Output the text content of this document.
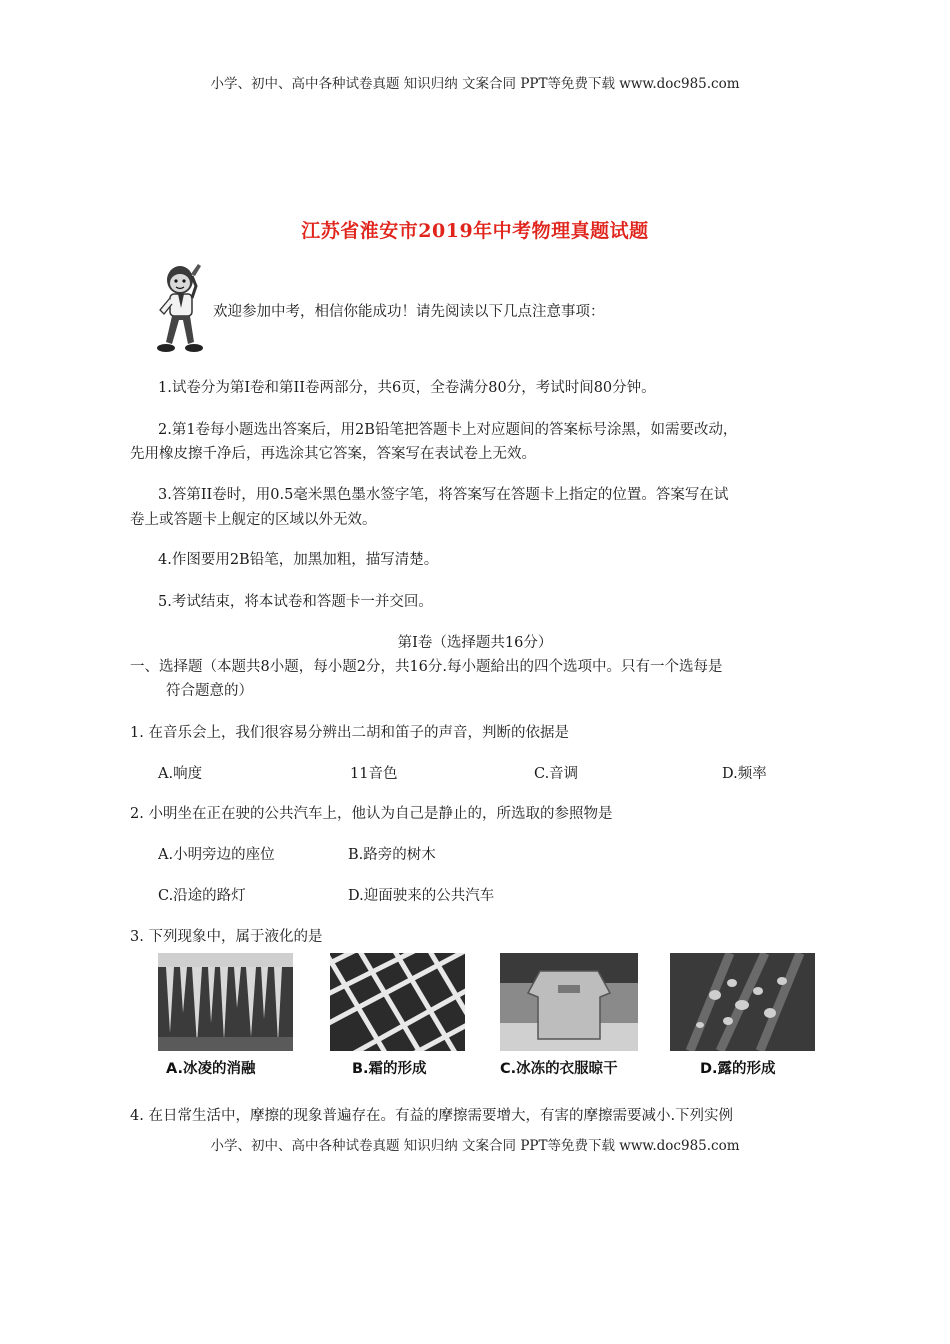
小学、初中、高中各种试卷真题 知识归纳 文案合同 PPT等免费下载 www.doc985.com
江苏省淮安市2019年中考物理真题试题
欢迎参加中考，相信你能成功！请先阅读以下几点注意事项：
1.试卷分为第I卷和第II卷两部分，共6页，全卷满分80分，考试时间80分钟。
2.第1卷每小题选出答案后，用2B铅笔把答题卡上对应题间的答案标号涂黑，如需要改动，
先用橡皮擦千净后，再选涂其它答案，答案写在表试卷上无效。
3.答第II卷时，用0.5毫米黑色墨水签字笔，将答案写在答题卡上指定的位置。答案写在试
卷上或答题卡上舰定的区域以外无效。
4.作图要用2B铅笔，加黑加粗，描写清楚。
5.考试结束，将本试卷和答题卡一并交回。
第I卷（选择题共16分）
一、选择题（本题共8小题，每小题2分，共16分.每小题給出的四个选项中。只有一个选每是
符合题意的）
1. 在音乐会上，我们很容易分辨出二胡和笛子的声音，判断的依据是
A.响度	11音色	C.音调	D.频率
2. 小明坐在正在驶的公共汽车上，他认为自己是静止的，所选取的参照物是
A.小明旁边的座位	B.路旁的树木
C.沿途的路灯	D.迎面驶来的公共汽车
3. 下列现象中，属于液化的是
A.冰凌的消融	B.霜的形成	C.冰冻的衣服晾干	D.露的形成
4. 在日常生活中，摩擦的现象普遍存在。有益的摩擦需要增大，有害的摩擦需要减小.下列实例
小学、初中、高中各种试卷真题 知识归纳 文案合同 PPT等免费下载 www.doc985.com
